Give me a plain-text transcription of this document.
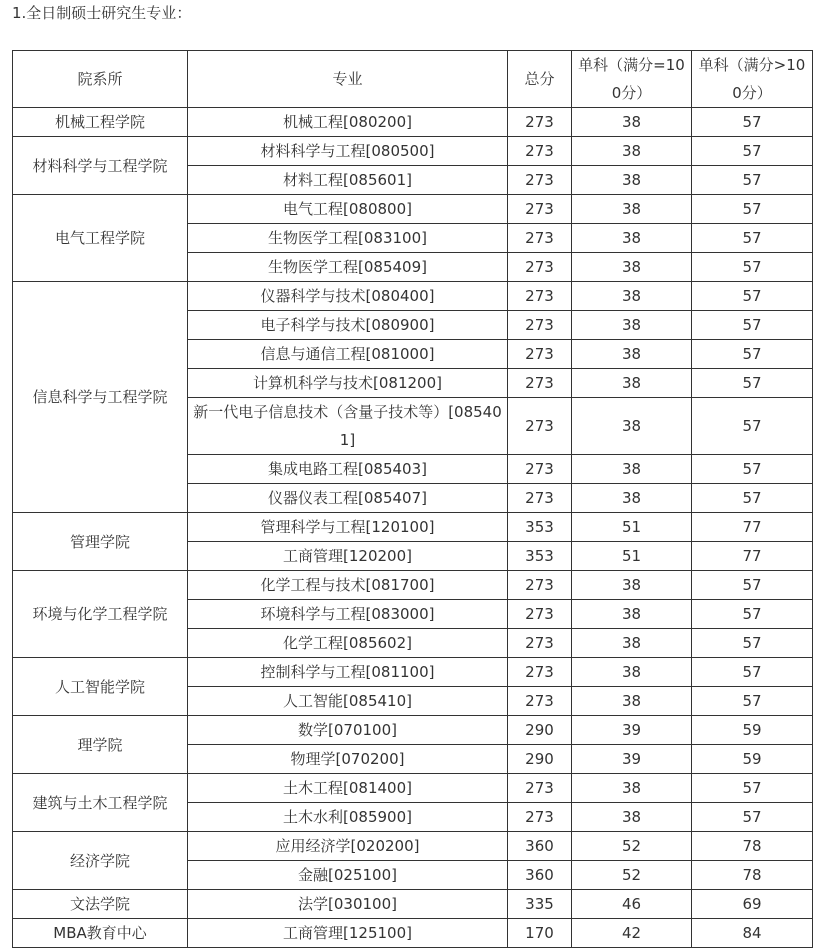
1.全日制硕士研究生专业：
院系所	专业	总分	单科（满分=100分）	单科（满分>100分）
机械工程学院	机械工程[080200]	273	38	57
材料科学与工程学院	材料科学与工程[080500]	273	38	57
	材料工程[085601]	273	38	57
电气工程学院	电气工程[080800]	273	38	57
	生物医学工程[083100]	273	38	57
	生物医学工程[085409]	273	38	57
信息科学与工程学院	仪器科学与技术[080400]	273	38	57
	电子科学与技术[080900]	273	38	57
	信息与通信工程[081000]	273	38	57
	计算机科学与技术[081200]	273	38	57
	新一代电子信息技术（含量子技术等）[085401]	273	38	57
	集成电路工程[085403]	273	38	57
	仪器仪表工程[085407]	273	38	57
管理学院	管理科学与工程[120100]	353	51	77
	工商管理[120200]	353	51	77
环境与化学工程学院	化学工程与技术[081700]	273	38	57
	环境科学与工程[083000]	273	38	57
	化学工程[085602]	273	38	57
人工智能学院	控制科学与工程[081100]	273	38	57
	人工智能[085410]	273	38	57
理学院	数学[070100]	290	39	59
	物理学[070200]	290	39	59
建筑与土木工程学院	土木工程[081400]	273	38	57
	土木水利[085900]	273	38	57
经济学院	应用经济学[020200]	360	52	78
	金融[025100]	360	52	78
文法学院	法学[030100]	335	46	69
MBA教育中心	工商管理[125100]	170	42	84
